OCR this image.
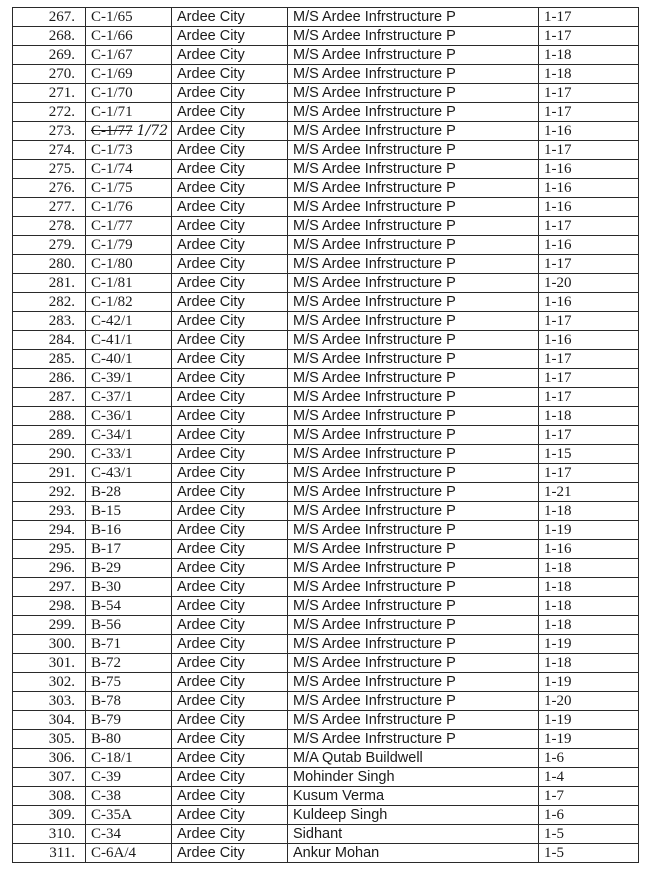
267.	C-1/65	Ardee City	M/S Ardee Infrstructure P	1-17
268.	C-1/66	Ardee City	M/S Ardee Infrstructure P	1-17
269.	C-1/67	Ardee City	M/S Ardee Infrstructure P	1-18
270.	C-1/69	Ardee City	M/S Ardee Infrstructure P	1-18
271.	C-1/70	Ardee City	M/S Ardee Infrstructure P	1-17
272.	C-1/71	Ardee City	M/S Ardee Infrstructure P	1-17
273.	C-1/77 1/72	Ardee City	M/S Ardee Infrstructure P	1-16
274.	C-1/73	Ardee City	M/S Ardee Infrstructure P	1-17
275.	C-1/74	Ardee City	M/S Ardee Infrstructure P	1-16
276.	C-1/75	Ardee City	M/S Ardee Infrstructure P	1-16
277.	C-1/76	Ardee City	M/S Ardee Infrstructure P	1-16
278.	C-1/77	Ardee City	M/S Ardee Infrstructure P	1-17
279.	C-1/79	Ardee City	M/S Ardee Infrstructure P	1-16
280.	C-1/80	Ardee City	M/S Ardee Infrstructure P	1-17
281.	C-1/81	Ardee City	M/S Ardee Infrstructure P	1-20
282.	C-1/82	Ardee City	M/S Ardee Infrstructure P	1-16
283.	C-42/1	Ardee City	M/S Ardee Infrstructure P	1-17
284.	C-41/1	Ardee City	M/S Ardee Infrstructure P	1-16
285.	C-40/1	Ardee City	M/S Ardee Infrstructure P	1-17
286.	C-39/1	Ardee City	M/S Ardee Infrstructure P	1-17
287.	C-37/1	Ardee City	M/S Ardee Infrstructure P	1-17
288.	C-36/1	Ardee City	M/S Ardee Infrstructure P	1-18
289.	C-34/1	Ardee City	M/S Ardee Infrstructure P	1-17
290.	C-33/1	Ardee City	M/S Ardee Infrstructure P	1-15
291.	C-43/1	Ardee City	M/S Ardee Infrstructure P	1-17
292.	B-28	Ardee City	M/S Ardee Infrstructure P	1-21
293.	B-15	Ardee City	M/S Ardee Infrstructure P	1-18
294.	B-16	Ardee City	M/S Ardee Infrstructure P	1-19
295.	B-17	Ardee City	M/S Ardee Infrstructure P	1-16
296.	B-29	Ardee City	M/S Ardee Infrstructure P	1-18
297.	B-30	Ardee City	M/S Ardee Infrstructure P	1-18
298.	B-54	Ardee City	M/S Ardee Infrstructure P	1-18
299.	B-56	Ardee City	M/S Ardee Infrstructure P	1-18
300.	B-71	Ardee City	M/S Ardee Infrstructure P	1-19
301.	B-72	Ardee City	M/S Ardee Infrstructure P	1-18
302.	B-75	Ardee City	M/S Ardee Infrstructure P	1-19
303.	B-78	Ardee City	M/S Ardee Infrstructure P	1-20
304.	B-79	Ardee City	M/S Ardee Infrstructure P	1-19
305.	B-80	Ardee City	M/S Ardee Infrstructure P	1-19
306.	C-18/1	Ardee City	M/A Qutab Buildwell	1-6
307.	C-39	Ardee City	Mohinder Singh	1-4
308.	C-38	Ardee City	Kusum Verma	1-7
309.	C-35A	Ardee City	Kuldeep Singh	1-6
310.	C-34	Ardee City	Sidhant	1-5
311.	C-6A/4	Ardee City	Ankur Mohan	1-5
